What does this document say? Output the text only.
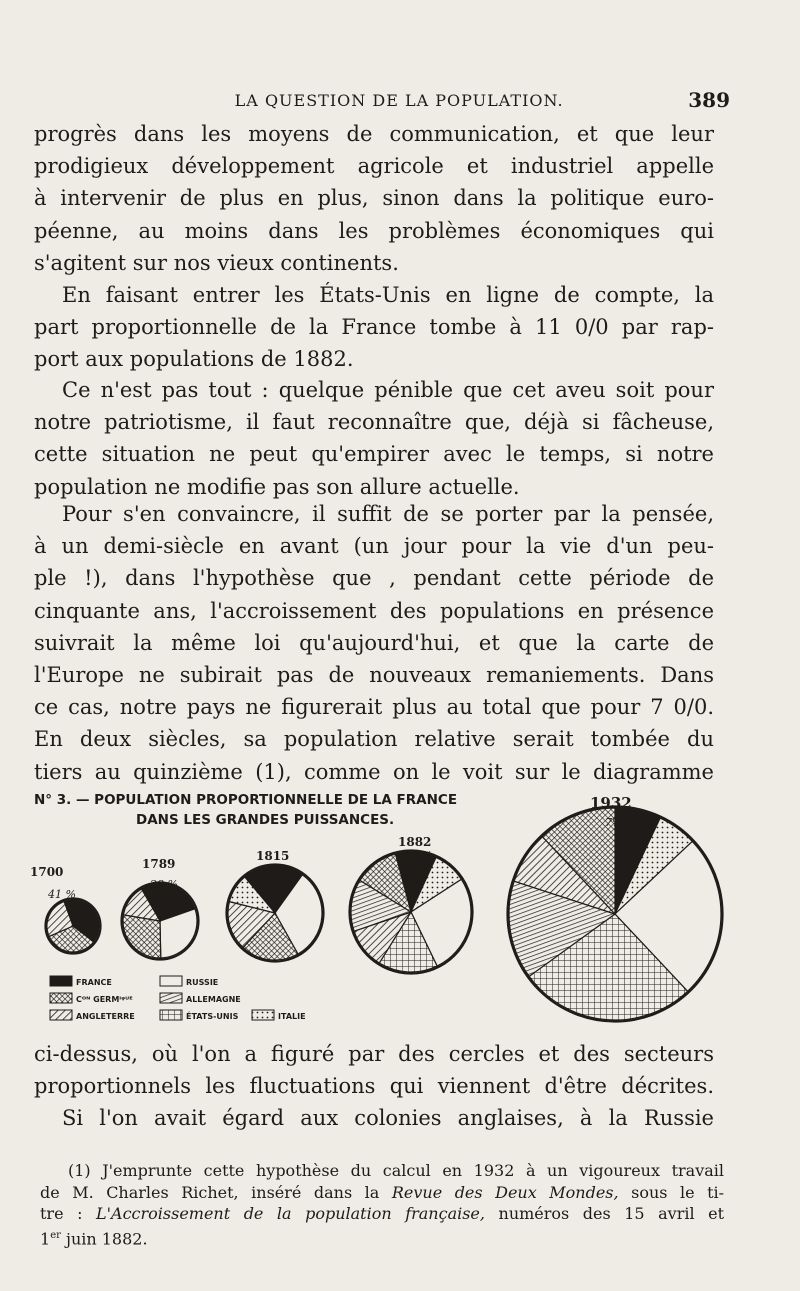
LA QUESTION DE LA POPULATION.	389
progrès dans les moyens de communication, et que leur
prodigieux développement agricole et industriel appelle
à intervenir de plus en plus, sinon dans la politique euro-
péenne, au moins dans les problèmes économiques qui
s'agitent sur nos vieux continents.
En faisant entrer les États-Unis en ligne de compte, la
part proportionnelle de la France tombe à 11 0/0 par rap-
port aux populations de 1882.
Ce n'est pas tout : quelque pénible que cet aveu soit pour
notre patriotisme, il faut reconnaître que, déjà si fâcheuse,
cette situation ne peut qu'empirer avec le temps, si notre
population ne modifie pas son allure actuelle.
Pour s'en convaincre, il suffit de se porter par la pensée,
à un demi-siècle en avant (un jour pour la vie d'un peu-
ple !), dans l'hypothèse que , pendant cette période de
cinquante ans, l'accroissement des populations en présence
suivrait la même loi qu'aujourd'hui, et que la carte de
l'Europe ne subirait pas de nouveaux remaniements. Dans
ce cas, notre pays ne figurerait plus au total que pour 7 0/0.
En deux siècles, sa population relative serait tombée du
tiers au quinzième (1), comme on le voit sur le diagramme
N° 3. — POPULATION PROPORTIONNELLE DE LA FRANCE
DANS LES GRANDES PUISSANCES.
1700
41 %
1789
28 %
1815
21 %
1882
11 %
1932
7%
FRANCE	RUSSIE
Cᴼᴺ GERMᴵᵠᵁᴱ	ALLEMAGNE
ANGLETERRE	ÉTATS-UNIS	ITALIE
ci-dessus, où l'on a figuré par des cercles et des secteurs
proportionnels les fluctuations qui viennent d'être décrites.
Si l'on avait égard aux colonies anglaises, à la Russie
(1) J'emprunte cette hypothèse du calcul en 1932 à un vigoureux travail
de M. Charles Richet, inséré dans la Revue des Deux Mondes, sous le ti-
tre : L'Accroissement de la population française, numéros des 15 avril et
1er juin 1882.
